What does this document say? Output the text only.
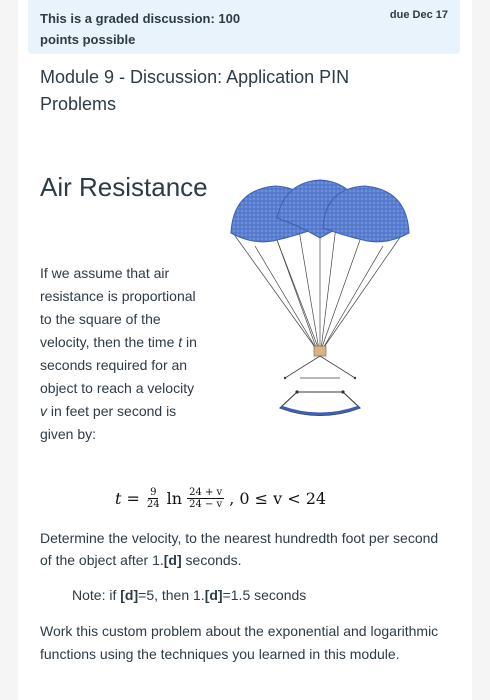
This is a graded discussion: 100
points possible
due Dec 17
Module 9 - Discussion: Application PIN Problems
Air Resistance
If we assume that air resistance is proportional to the square of the velocity, then the time t in seconds required for an object to reach a velocity v in feet per second is given by:
$t = \frac{9}{24}$ $\ln \frac{24 + v}{24 - v}$ , 0 ≤ v < 24
Determine the velocity, to the nearest hundredth foot per second of the object after 1.[d] seconds.
Note: if [d]=5, then 1.[d]=1.5 seconds
Work this custom problem about the exponential and logarithmic functions using the techniques you learned in this module.
